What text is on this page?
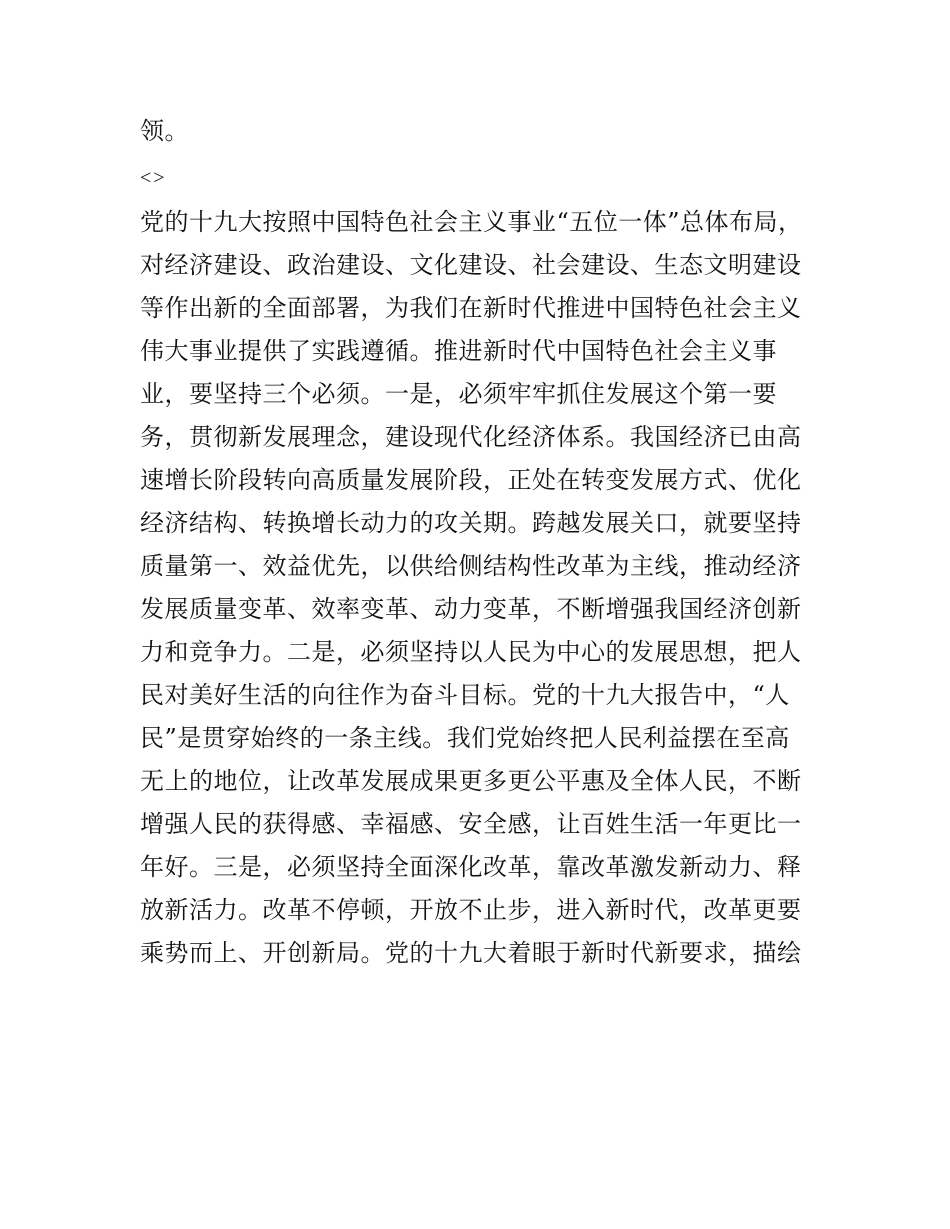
领。
<>
党的十九大按照中国特色社会主义事业“五位一体”总体布局，
对经济建设、政治建设、文化建设、社会建设、生态文明建设
等作出新的全面部署，为我们在新时代推进中国特色社会主义
伟大事业提供了实践遵循。推进新时代中国特色社会主义事
业，要坚持三个必须。一是，必须牢牢抓住发展这个第一要
务，贯彻新发展理念，建设现代化经济体系。我国经济已由高
速增长阶段转向高质量发展阶段，正处在转变发展方式、优化
经济结构、转换增长动力的攻关期。跨越发展关口，就要坚持
质量第一、效益优先，以供给侧结构性改革为主线，推动经济
发展质量变革、效率变革、动力变革，不断增强我国经济创新
力和竞争力。二是，必须坚持以人民为中心的发展思想，把人
民对美好生活的向往作为奋斗目标。党的十九大报告中，“人
民”是贯穿始终的一条主线。我们党始终把人民利益摆在至高
无上的地位，让改革发展成果更多更公平惠及全体人民，不断
增强人民的获得感、幸福感、安全感，让百姓生活一年更比一
年好。三是，必须坚持全面深化改革，靠改革激发新动力、释
放新活力。改革不停顿，开放不止步，进入新时代，改革更要
乘势而上、开创新局。党的十九大着眼于新时代新要求，描绘
